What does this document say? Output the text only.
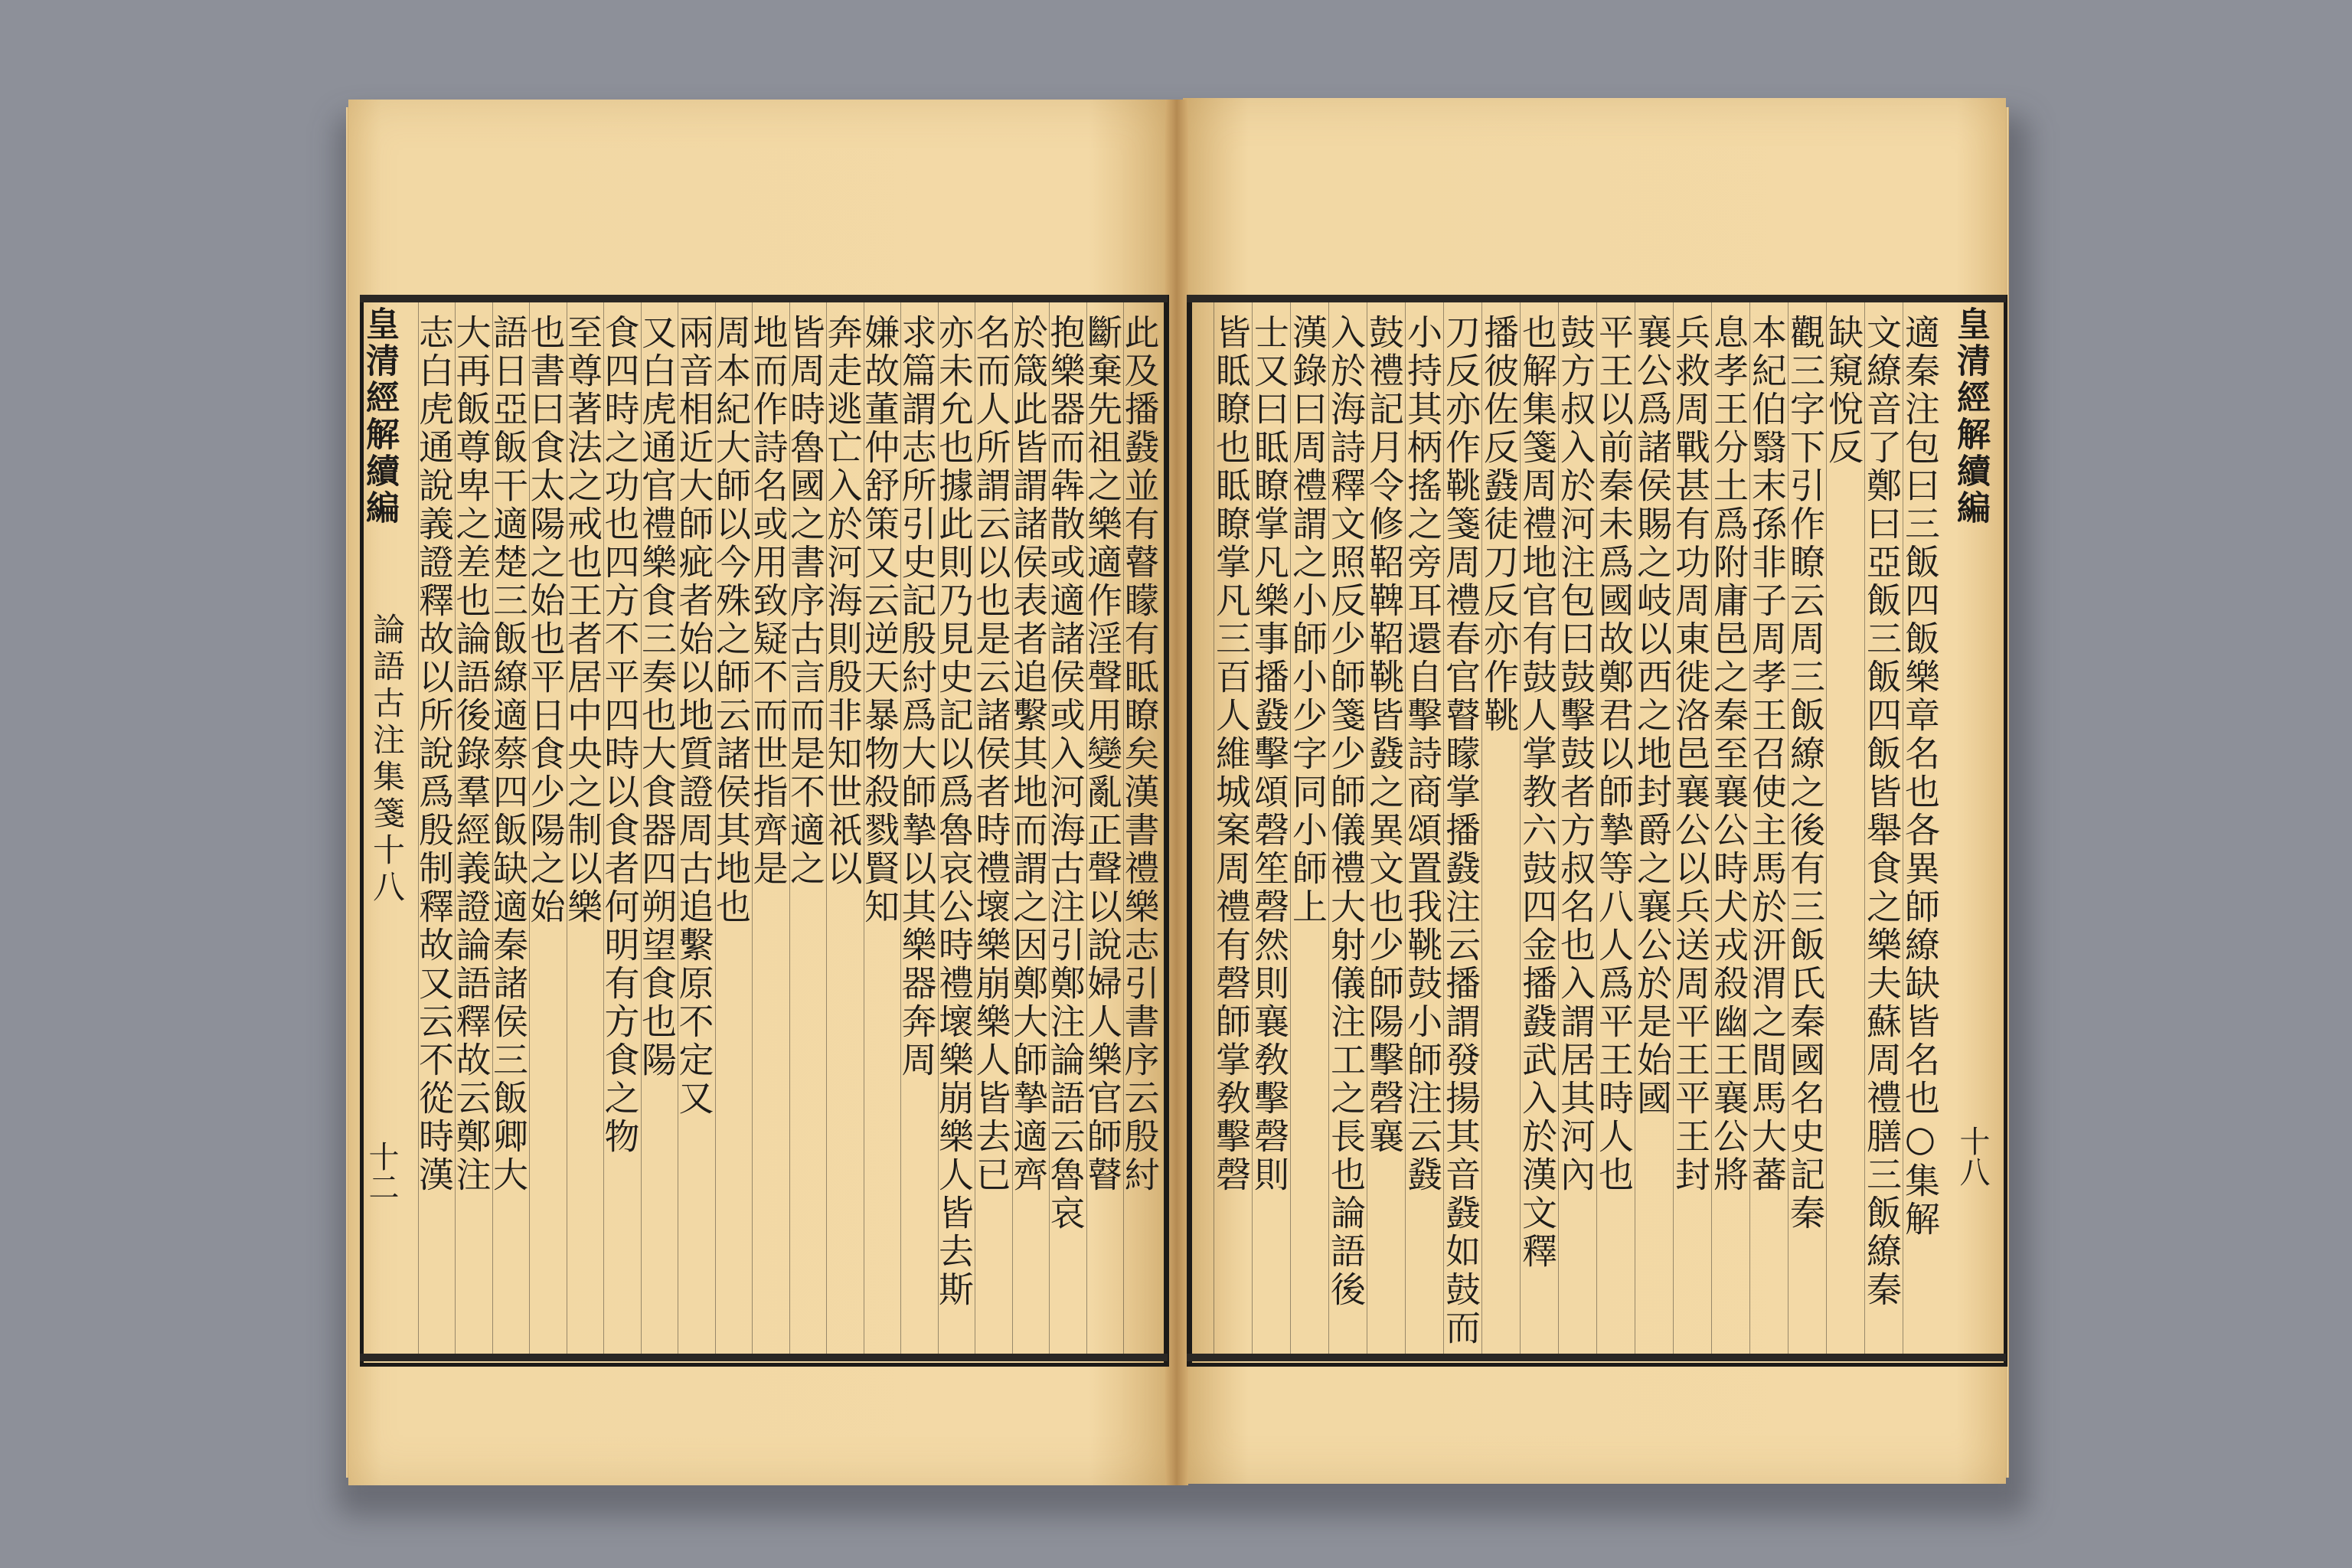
皇清經解續編
十八
適秦注包曰三飯四飯樂章名也各異師繚缺皆名也○集解
文繚音了鄭曰亞飯三飯四飯皆舉食之樂夫蘇周禮膳三飯繚秦
缺窺悅反
觀三字下引作瞭云周三飯繚之後有三飯氏秦國名史記秦
本紀伯翳末孫非子周孝王召使主馬於汧渭之間馬大蕃
息孝王分土爲附庸邑之秦至襄公時犬戎殺幽王襄公將
兵救周戰甚有功周東徙洛邑襄公以兵送周平王平王封
襄公爲諸侯賜之岐以西之地封爵之襄公於是始國
平王以前秦未爲國故鄭君以師摯等八人爲平王時人也
鼓方叔入於河注包曰鼓擊鼓者方叔名也入謂居其河內
也解集箋周禮地官有鼓人掌教六鼓四金播鼗武入於漢文釋
播彼佐反鼗徒刀反亦作鞉
刀反亦作鞉箋周禮春官瞽矇掌播鼗注云播謂發揚其音鼗如鼓而
小持其柄搖之旁耳還自擊詩商頌置我鞉鼓小師注云鼗
鼓禮記月令修鞀鞞鞀鞉皆鼗之異文也少師陽擊磬襄
入於海詩釋文照反少師箋少師儀禮大射儀注工之長也論語後
漢錄曰周禮謂之小師小少字同小師上
士又曰眡瞭掌凡樂事播鼗擊頌磬笙磬然則襄敎擊磬則
皆眡瞭也眡瞭掌凡三百人維城案周禮有磬師掌敎擊磬
皇清經解續編
論語古注集箋十八
十二	此及播鼗並有瞽矇有眡瞭矣漢書禮樂志引書序云殷紂
斷棄先祖之樂適作淫聲用變亂正聲以說婦人樂官師瞽
抱樂器而犇散或適諸侯或入河海古注引鄭注論語云魯哀
於箴此皆謂諸侯表者追繫其地而謂之因鄭大師摯適齊
名而人所謂云以也是云諸侯者時禮壞樂崩樂人皆去已
亦未允也據此則乃見史記以爲魯哀公時禮壞樂崩樂人皆去斯
求篇謂志所引史記殷紂爲大師摯以其樂器奔周
嫌故董仲舒策又云逆天暴物殺戮賢知
奔走逃亡入於河海則殷非知世祇以
皆周時魯國之書序古言而是不適之
地而作詩名或用致疑不而世指齊是
周本紀大師以今殊之師云諸侯其地也
兩音相近大師疵者始以地質證周古追繫原不定又
又白虎通官禮樂食三奏也大食器四朔望食也陽
食四時之功也四方不平四時以食者何明有方食之物
至尊著法之戒也王者居中央之制以樂
也書曰食太陽之始也平日食少陽之始
語日亞飯干適楚三飯繚適蔡四飯缺適秦諸侯三飯卿大
大再飯尊卑之差也論語後錄羣經義證論語釋故云鄭注
志白虎通說義證釋故以所說爲殷制釋故又云不從時漢
